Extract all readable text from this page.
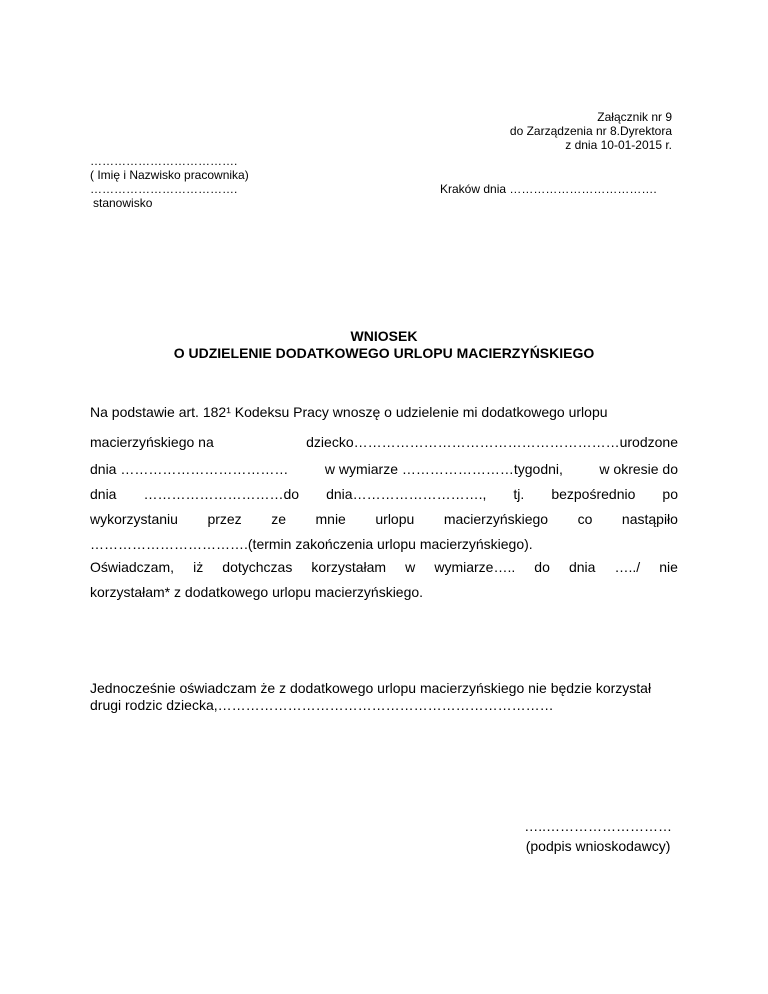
Załącznik nr 9
do Zarządzenia nr 8.Dyrektora
z dnia 10-01-2015 r.
……………………………….
( Imię i Nazwisko pracownika)
……………………………….
stanowisko
Kraków dnia ……………………………….
WNIOSEK
O UDZIELENIE DODATKOWEGO URLOPU MACIERZYŃSKIEGO
Na podstawie art. 182¹ Kodeksu Pracy wnoszę o udzielenie mi dodatkowego urlopu
macierzyńskiego na	dziecko…………………………………………………urodzone
dnia ………………………………	w wymiarze ……………………tygodni,	w okresie do
dnia …………………………do dnia………………………., tj. bezpośrednio po
wykorzystaniu przez ze mnie urlopu macierzyńskiego co nastąpiło
…………………………….(termin zakończenia urlopu macierzyńskiego).
Oświadczam, iż dotychczas korzystałam w wymiarze….. do dnia …../ nie
korzystałam* z dodatkowego urlopu macierzyńskiego.
Jednocześnie oświadczam że z dodatkowego urlopu macierzyńskiego nie będzie korzystał drugi rodzic dziecka,………………………………………………………………
…..………………………
(podpis wnioskodawcy)
